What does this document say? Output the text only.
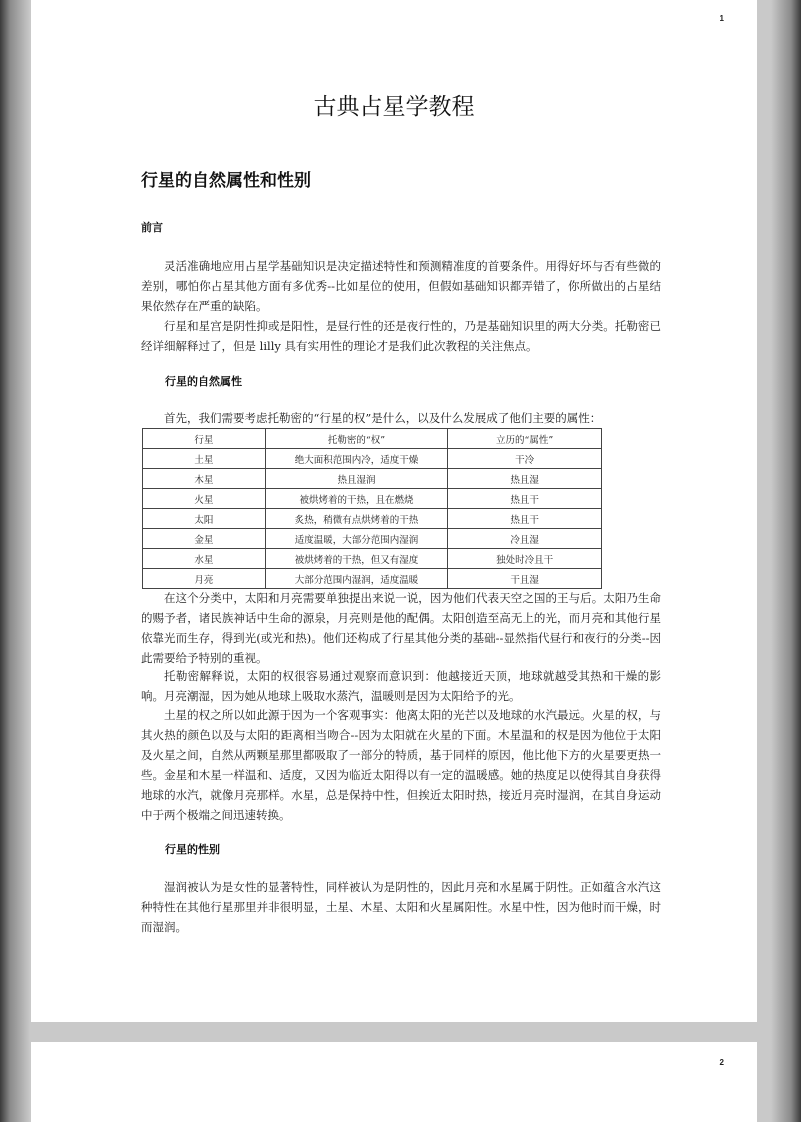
1
古典占星学教程
行星的自然属性和性别
前言

灵活准确地应用占星学基础知识是决定描述特性和预测精准度的首要条件。用得好坏与否有些微的差别，哪怕你占星其他方面有多优秀--比如星位的使用，但假如基础知识都弄错了，你所做出的占星结果依然存在严重的缺陷。

行星和星宫是阴性抑或是阳性，是昼行性的还是夜行性的，乃是基础知识里的两大分类。托勒密已经详细解释过了，但是 lilly 具有实用性的理论才是我们此次教程的关注焦点。

行星的自然属性

首先，我们需要考虑托勒密的“行星的权”是什么，以及什么发展成了他们主要的属性：

行星	托勒密的“权”	立历的“属性”
土星	绝大面积范围内冷，适度干燥	干冷
木星	热且湿润	热且湿
火星	被烘烤着的干热，且在燃烧	热且干
太阳	炙热，稍微有点烘烤着的干热	热且干
金星	适度温暖，大部分范围内湿润	冷且湿
水星	被烘烤着的干热，但又有湿度	独处时冷且干
月亮	大部分范围内湿润，适度温暖	干且湿

在这个分类中，太阳和月亮需要单独提出来说一说，因为他们代表天空之国的王与后。太阳乃生命的赐予者，诸民族神话中生命的源泉，月亮则是他的配偶。太阳创造至高无上的光，而月亮和其他行星依靠光而生存，得到光(或光和热)。他们还构成了行星其他分类的基础--显然指代昼行和夜行的分类--因此需要给予特别的重视。

托勒密解释说，太阳的权很容易通过观察而意识到：他越接近天顶，地球就越受其热和干燥的影响。月亮潮湿，因为她从地球上吸取水蒸汽，温暖则是因为太阳给予的光。

土星的权之所以如此源于因为一个客观事实：他离太阳的光芒以及地球的水汽最远。火星的权，与其火热的颜色以及与太阳的距离相当吻合--因为太阳就在火星的下面。木星温和的权是因为他位于太阳及火星之间，自然从两颗星那里都吸取了一部分的特质，基于同样的原因，他比他下方的火星要更热一些。金星和木星一样温和、适度，又因为临近太阳得以有一定的温暖感。她的热度足以使得其自身获得地球的水汽，就像月亮那样。水星，总是保持中性，但挨近太阳时热，接近月亮时湿润，在其自身运动中于两个极端之间迅速转换。

行星的性别

湿润被认为是女性的显著特性，同样被认为是阴性的，因此月亮和水星属于阴性。正如蕴含水汽这种特性在其他行星那里并非很明显，土星、木星、太阳和火星属阳性。水星中性，因为他时而干燥，时而湿润。

2
